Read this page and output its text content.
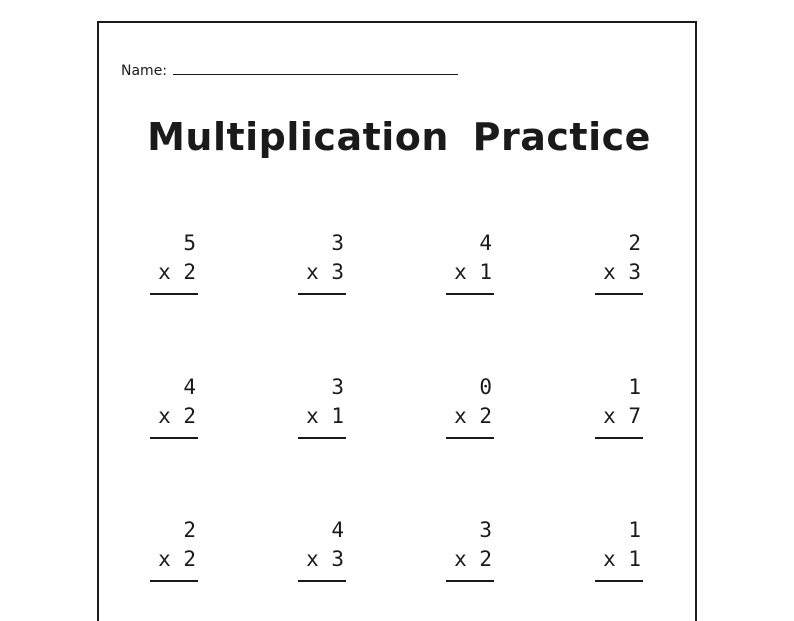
Name:
Multiplication Practice
5
x 2
3
x 3
4
x 1
2
x 3
4
x 2
3
x 1
0
x 2
1
x 7
2
x 2
4
x 3
3
x 2
1
x 1
